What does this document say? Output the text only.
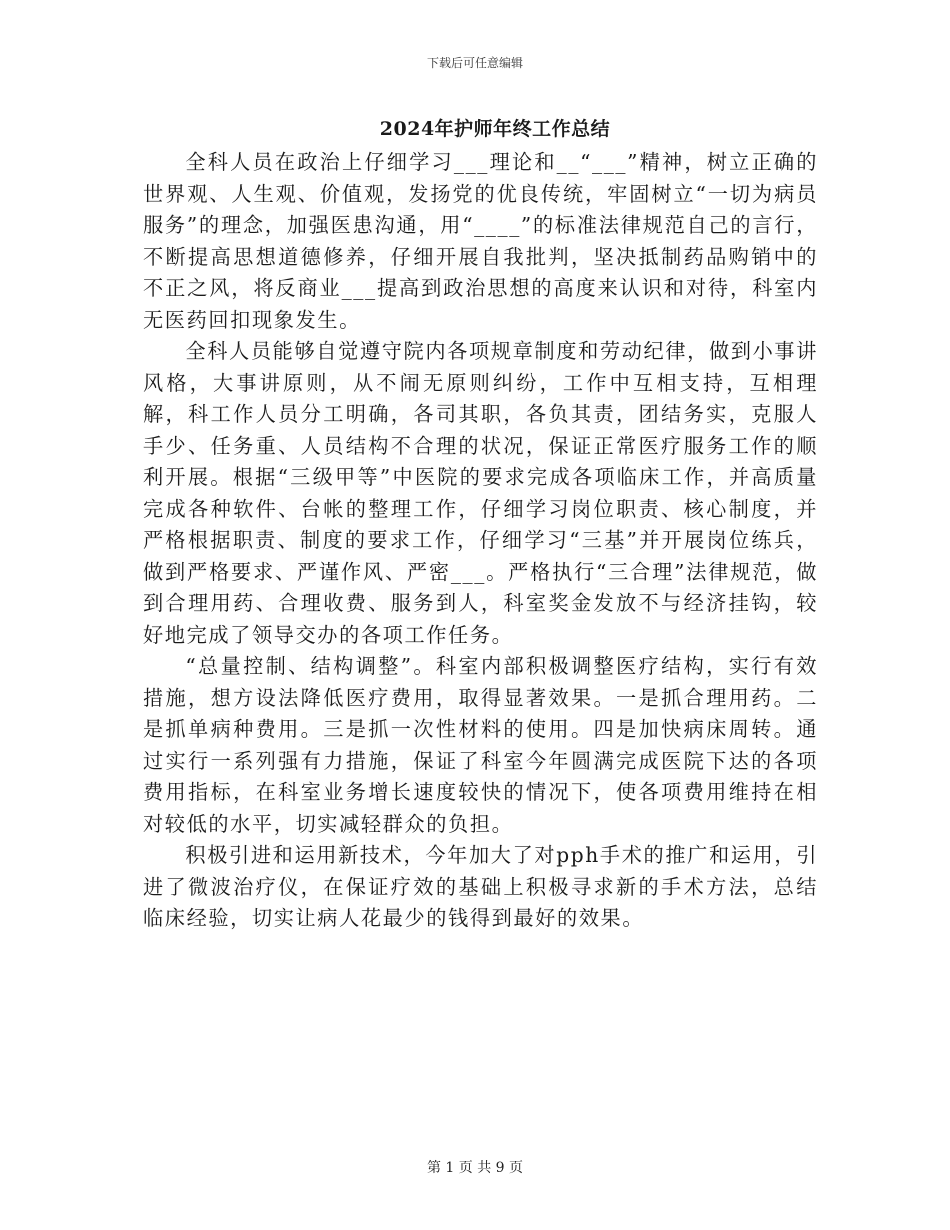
下载后可任意编辑
2024年护师年终工作总结

全科人员在政治上仔细学习___理论和__“___”精神，树立正确的世界观、人生观、价值观，发扬党的优良传统，牢固树立“一切为病员服务”的理念，加强医患沟通，用“____”的标准法律规范自己的言行，不断提高思想道德修养，仔细开展自我批判，坚决抵制药品购销中的不正之风，将反商业___提高到政治思想的高度来认识和对待，科室内无医药回扣现象发生。

全科人员能够自觉遵守院内各项规章制度和劳动纪律，做到小事讲风格，大事讲原则，从不闹无原则纠纷，工作中互相支持，互相理解，科工作人员分工明确，各司其职，各负其责，团结务实，克服人手少、任务重、人员结构不合理的状况，保证正常医疗服务工作的顺利开展。根据“三级甲等”中医院的要求完成各项临床工作，并高质量完成各种软件、台帐的整理工作，仔细学习岗位职责、核心制度，并严格根据职责、制度的要求工作，仔细学习“三基”并开展岗位练兵，做到严格要求、严谨作风、严密___。严格执行“三合理”法律规范，做到合理用药、合理收费、服务到人，科室奖金发放不与经济挂钩，较好地完成了领导交办的各项工作任务。

“总量控制、结构调整”。科室内部积极调整医疗结构，实行有效措施，想方设法降低医疗费用，取得显著效果。一是抓合理用药。二是抓单病种费用。三是抓一次性材料的使用。四是加快病床周转。通过实行一系列强有力措施，保证了科室今年圆满完成医院下达的各项费用指标，在科室业务增长速度较快的情况下，使各项费用维持在相对较低的水平，切实减轻群众的负担。

积极引进和运用新技术，今年加大了对pph手术的推广和运用，引进了微波治疗仪，在保证疗效的基础上积极寻求新的手术方法，总结临床经验，切实让病人花最少的钱得到最好的效果。

第 1 页 共 9 页
